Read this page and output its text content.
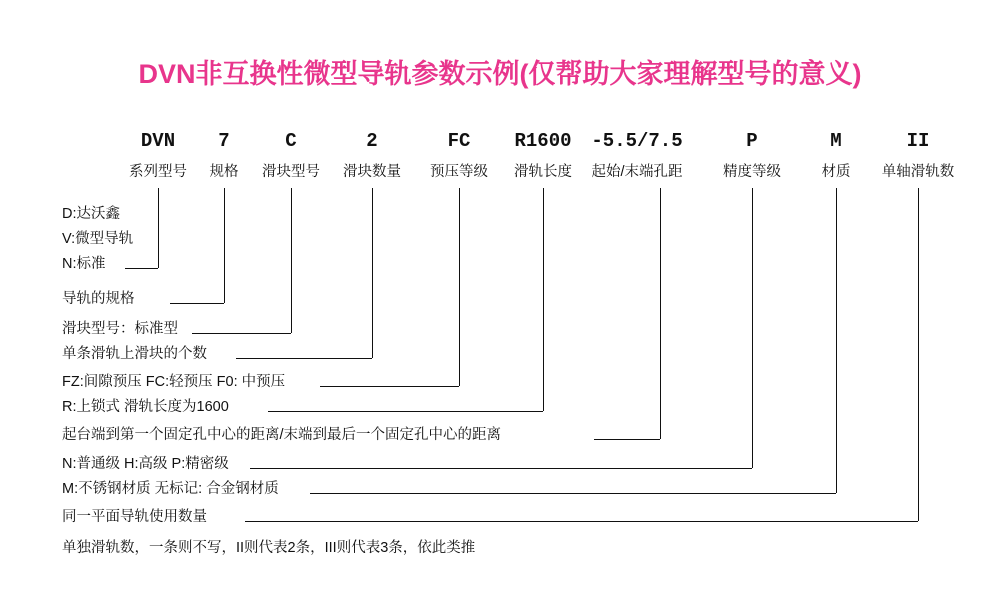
DVN非互换性微型导轨参数示例(仅帮助大家理解型号的意义)
DVN
系列型号
7
规格
C
滑块型号
2
滑块数量
FC
预压等级
R1600
滑轨长度
-5.5/7.5
起始/末端孔距
P
精度等级
M
材质
II
单轴滑轨数
D:达沃鑫
V:微型导轨
N:标准
导轨的规格
滑块型号：标准型
单条滑轨上滑块的个数
FZ:间隙预压 FC:轻预压 F0: 中预压
R:上锁式 滑轨长度为1600
起台端到第一个固定孔中心的距离/末端到最后一个固定孔中心的距离
N:普通级 H:高级 P:精密级
M:不锈钢材质 无标记: 合金钢材质
同一平面导轨使用数量
单独滑轨数，一条则不写，II则代表2条，III则代表3条，依此类推
